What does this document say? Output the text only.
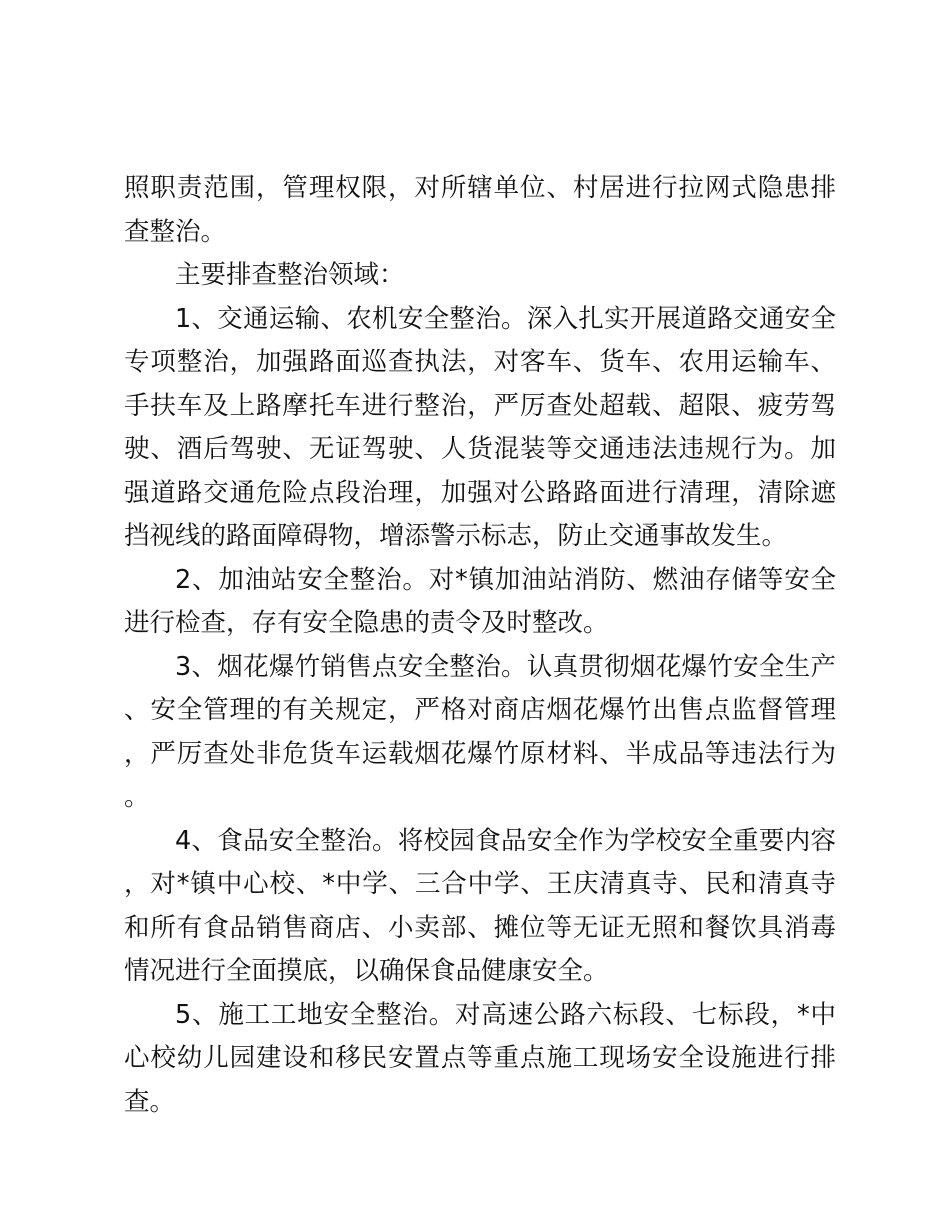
照职责范围，管理权限，对所辖单位、村居进行拉网式隐患排查整治。

主要排查整治领域：

1、交通运输、农机安全整治。深入扎实开展道路交通安全专项整治，加强路面巡查执法，对客车、货车、农用运输车、手扶车及上路摩托车进行整治，严厉查处超载、超限、疲劳驾驶、酒后驾驶、无证驾驶、人货混装等交通违法违规行为。加强道路交通危险点段治理，加强对公路路面进行清理，清除遮挡视线的路面障碍物，增添警示标志，防止交通事故发生。

2、加油站安全整治。对*镇加油站消防、燃油存储等安全进行检查，存有安全隐患的责令及时整改。

3、烟花爆竹销售点安全整治。认真贯彻烟花爆竹安全生产、安全管理的有关规定，严格对商店烟花爆竹出售点监督管理，严厉查处非危货车运载烟花爆竹原材料、半成品等违法行为。

4、食品安全整治。将校园食品安全作为学校安全重要内容，对*镇中心校、*中学、三合中学、王庆清真寺、民和清真寺和所有食品销售商店、小卖部、摊位等无证无照和餐饮具消毒情况进行全面摸底，以确保食品健康安全。

5、施工工地安全整治。对高速公路六标段、七标段，*中心校幼儿园建设和移民安置点等重点施工现场安全设施进行排查。
